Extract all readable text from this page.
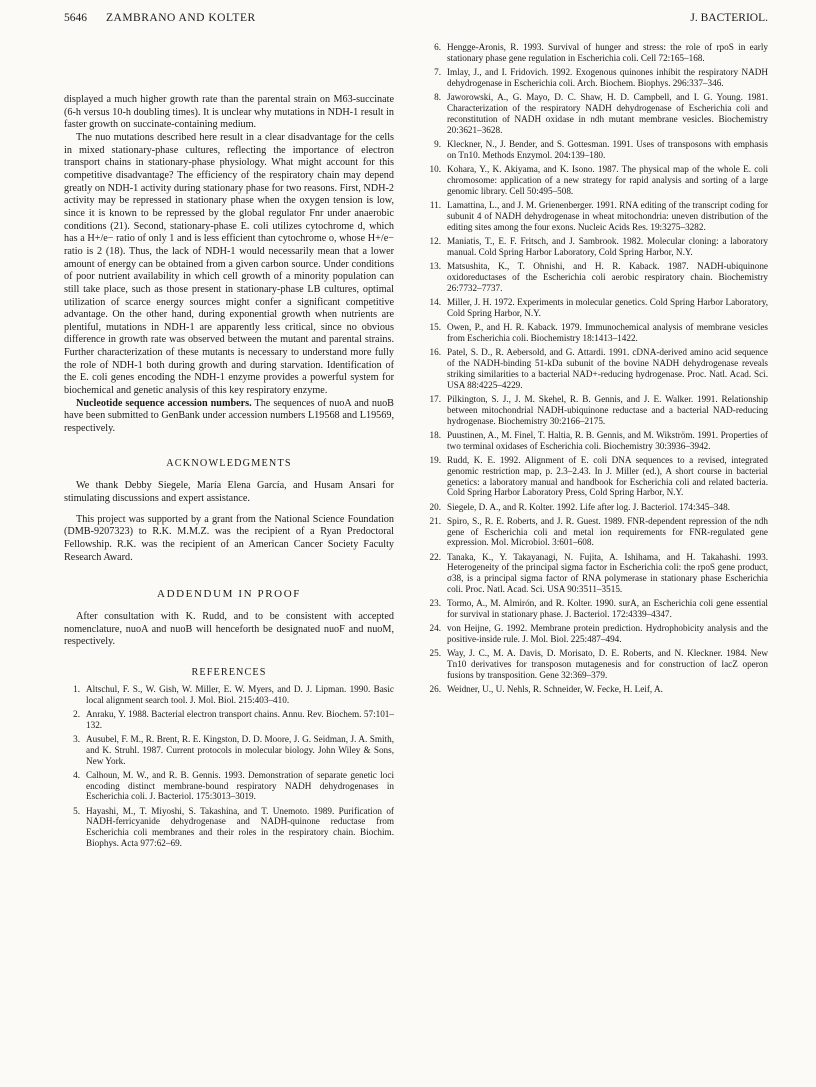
5646 ZAMBRANO AND KOLTER	J. BACTERIOL.

displayed a much higher growth rate than the parental strain on M63-succinate (6-h versus 10-h doubling times). It is unclear why mutations in NDH-1 result in faster growth on succinate-containing medium.

The nuo mutations described here result in a clear disadvantage for the cells in mixed stationary-phase cultures, reflecting the importance of electron transport chains in stationary-phase physiology. What might account for this competitive disadvantage? The efficiency of the respiratory chain may depend greatly on NDH-1 activity during stationary phase for two reasons. First, NDH-2 activity may be repressed in stationary phase when the oxygen tension is low, since it is known to be repressed by the global regulator Fnr under anaerobic conditions (21). Second, stationary-phase E. coli utilizes cytochrome d, which has a H+/e− ratio of only 1 and is less efficient than cytochrome o, whose H+/e− ratio is 2 (18). Thus, the lack of NDH-1 would necessarily mean that a lower amount of energy can be obtained from a given carbon source. Under conditions of poor nutrient availability in which cell growth of a minority population can still take place, such as those present in stationary-phase LB cultures, optimal utilization of scarce energy sources might confer a significant competitive advantage. On the other hand, during exponential growth when nutrients are plentiful, mutations in NDH-1 are apparently less critical, since no obvious difference in growth rate was observed between the mutant and parental strains. Further characterization of these mutants is necessary to understand more fully the role of NDH-1 both during growth and during starvation. Identification of the E. coli genes encoding the NDH-1 enzyme provides a powerful system for biochemical and genetic analysis of this key respiratory enzyme.

Nucleotide sequence accession numbers. The sequences of nuoA and nuoB have been submitted to GenBank under accession numbers L19568 and L19569, respectively.

ACKNOWLEDGMENTS

We thank Debby Siegele, María Elena García, and Husam Ansari for stimulating discussions and expert assistance.

This project was supported by a grant from the National Science Foundation (DMB-9207323) to R.K. M.M.Z. was the recipient of a Ryan Predoctoral Fellowship. R.K. was the recipient of an American Cancer Society Faculty Research Award.

ADDENDUM IN PROOF

After consultation with K. Rudd, and to be consistent with accepted nomenclature, nuoA and nuoB will henceforth be designated nuoF and nuoM, respectively.

REFERENCES
1. Altschul, F. S., W. Gish, W. Miller, E. W. Myers, and D. J. Lipman. 1990. Basic local alignment search tool. J. Mol. Biol. 215:403–410.
2. Anraku, Y. 1988. Bacterial electron transport chains. Annu. Rev. Biochem. 57:101–132.
3. Ausubel, F. M., R. Brent, R. E. Kingston, D. D. Moore, J. G. Seidman, J. A. Smith, and K. Struhl. 1987. Current protocols in molecular biology. John Wiley & Sons, New York.
4. Calhoun, M. W., and R. B. Gennis. 1993. Demonstration of separate genetic loci encoding distinct membrane-bound respiratory NADH dehydrogenases in Escherichia coli. J. Bacteriol. 175:3013–3019.
5. Hayashi, M., T. Miyoshi, S. Takashina, and T. Unemoto. 1989. Purification of NADH-ferricyanide dehydrogenase and NADH-quinone reductase from Escherichia coli membranes and their roles in the respiratory chain. Biochim. Biophys. Acta 977:62–69.
6. Hengge-Aronis, R. 1993. Survival of hunger and stress: the role of rpoS in early stationary phase gene regulation in Escherichia coli. Cell 72:165–168.
7. Imlay, J., and I. Fridovich. 1992. Exogenous quinones inhibit the respiratory NADH dehydrogenase in Escherichia coli. Arch. Biochem. Biophys. 296:337–346.
8. Jaworowski, A., G. Mayo, D. C. Shaw, H. D. Campbell, and I. G. Young. 1981. Characterization of the respiratory NADH dehydrogenase of Escherichia coli and reconstitution of NADH oxidase in ndh mutant membrane vesicles. Biochemistry 20:3621–3628.
9. Kleckner, N., J. Bender, and S. Gottesman. 1991. Uses of transposons with emphasis on Tn10. Methods Enzymol. 204:139–180.
10. Kohara, Y., K. Akiyama, and K. Isono. 1987. The physical map of the whole E. coli chromosome: application of a new strategy for rapid analysis and sorting of a large genomic library. Cell 50:495–508.
11. Lamattina, L., and J. M. Grienenberger. 1991. RNA editing of the transcript coding for subunit 4 of NADH dehydrogenase in wheat mitochondria: uneven distribution of the editing sites among the four exons. Nucleic Acids Res. 19:3275–3282.
12. Maniatis, T., E. F. Fritsch, and J. Sambrook. 1982. Molecular cloning: a laboratory manual. Cold Spring Harbor Laboratory, Cold Spring Harbor, N.Y.
13. Matsushita, K., T. Ohnishi, and H. R. Kaback. 1987. NADH-ubiquinone oxidoreductases of the Escherichia coli aerobic respiratory chain. Biochemistry 26:7732–7737.
14. Miller, J. H. 1972. Experiments in molecular genetics. Cold Spring Harbor Laboratory, Cold Spring Harbor, N.Y.
15. Owen, P., and H. R. Kaback. 1979. Immunochemical analysis of membrane vesicles from Escherichia coli. Biochemistry 18:1413–1422.
16. Patel, S. D., R. Aebersold, and G. Attardi. 1991. cDNA-derived amino acid sequence of the NADH-binding 51-kDa subunit of the bovine NADH dehydrogenase reveals striking similarities to a bacterial NAD+-reducing hydrogenase. Proc. Natl. Acad. Sci. USA 88:4225–4229.
17. Pilkington, S. J., J. M. Skehel, R. B. Gennis, and J. E. Walker. 1991. Relationship between mitochondrial NADH-ubiquinone reductase and a bacterial NAD-reducing hydrogenase. Biochemistry 30:2166–2175.
18. Puustinen, A., M. Finel, T. Haltia, R. B. Gennis, and M. Wikström. 1991. Properties of two terminal oxidases of Escherichia coli. Biochemistry 30:3936–3942.
19. Rudd, K. E. 1992. Alignment of E. coli DNA sequences to a revised, integrated genomic restriction map, p. 2.3–2.43. In J. Miller (ed.), A short course in bacterial genetics: a laboratory manual and handbook for Escherichia coli and related bacteria. Cold Spring Harbor Laboratory Press, Cold Spring Harbor, N.Y.
20. Siegele, D. A., and R. Kolter. 1992. Life after log. J. Bacteriol. 174:345–348.
21. Spiro, S., R. E. Roberts, and J. R. Guest. 1989. FNR-dependent repression of the ndh gene of Escherichia coli and metal ion requirements for FNR-regulated gene expression. Mol. Microbiol. 3:601–608.
22. Tanaka, K., Y. Takayanagi, N. Fujita, A. Ishihama, and H. Takahashi. 1993. Heterogeneity of the principal sigma factor in Escherichia coli: the rpoS gene product, σ38, is a principal sigma factor of RNA polymerase in stationary phase Escherichia coli. Proc. Natl. Acad. Sci. USA 90:3511–3515.
23. Tormo, A., M. Almirón, and R. Kolter. 1990. surA, an Escherichia coli gene essential for survival in stationary phase. J. Bacteriol. 172:4339–4347.
24. von Heijne, G. 1992. Membrane protein prediction. Hydrophobicity analysis and the positive-inside rule. J. Mol. Biol. 225:487–494.
25. Way, J. C., M. A. Davis, D. Morisato, D. E. Roberts, and N. Kleckner. 1984. New Tn10 derivatives for transposon mutagenesis and for construction of lacZ operon fusions by transposition. Gene 32:369–379.
26. Weidner, U., U. Nehls, R. Schneider, W. Fecke, H. Leif, A.
